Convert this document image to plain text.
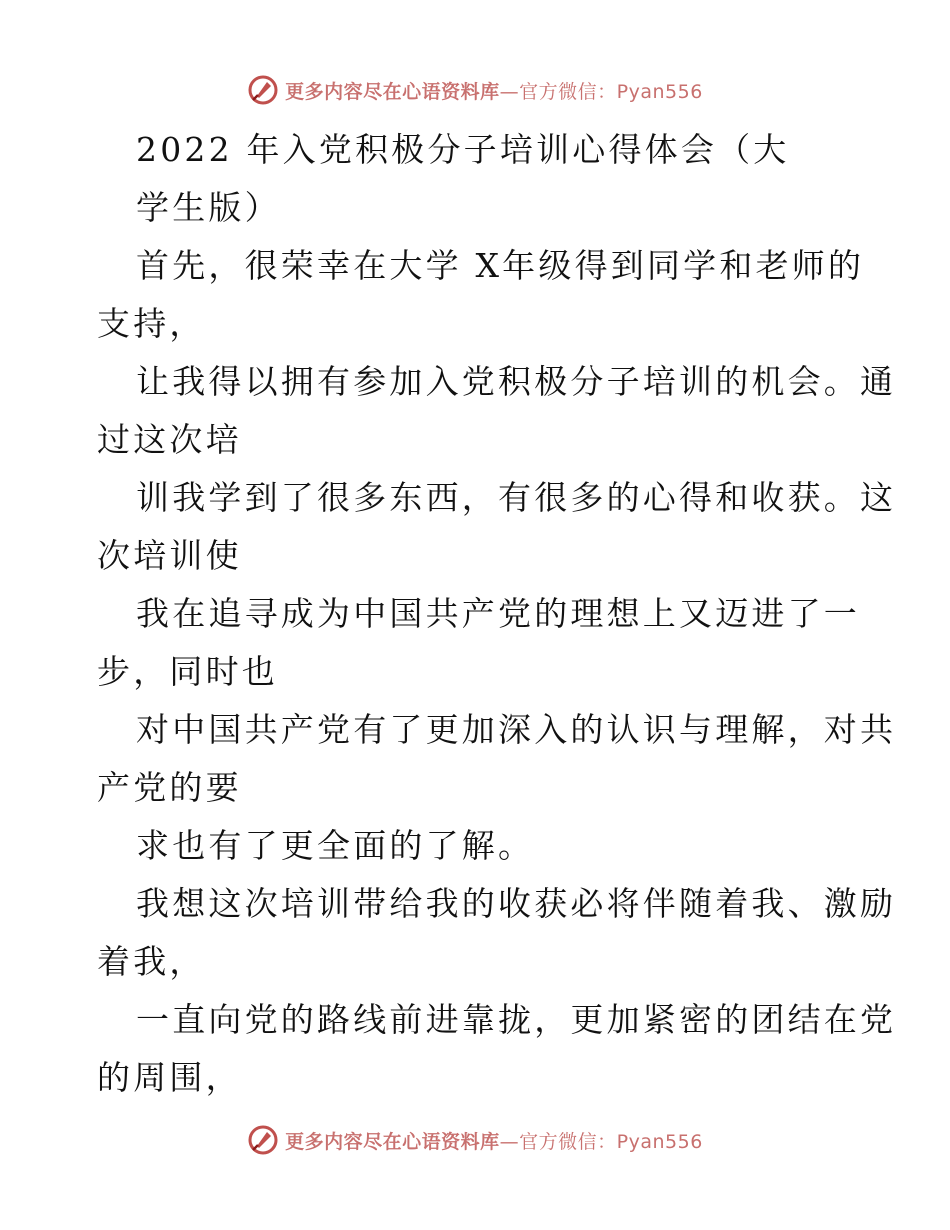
更多内容尽在心语资料库—官方微信：Pyan556
2022 年入党积极分子培训心得体会（大
学生版）
首先，很荣幸在大学 X年级得到同学和老师的
支持，
让我得以拥有参加入党积极分子培训的机会。通
过这次培
训我学到了很多东西，有很多的心得和收获。这
次培训使
我在追寻成为中国共产党的理想上又迈进了一
步，同时也
对中国共产党有了更加深入的认识与理解，对共
产党的要
求也有了更全面的了解。
我想这次培训带给我的收获必将伴随着我、激励
着我，
一直向党的路线前进靠拢，更加紧密的团结在党
的周围，
更多内容尽在心语资料库—官方微信：Pyan556
